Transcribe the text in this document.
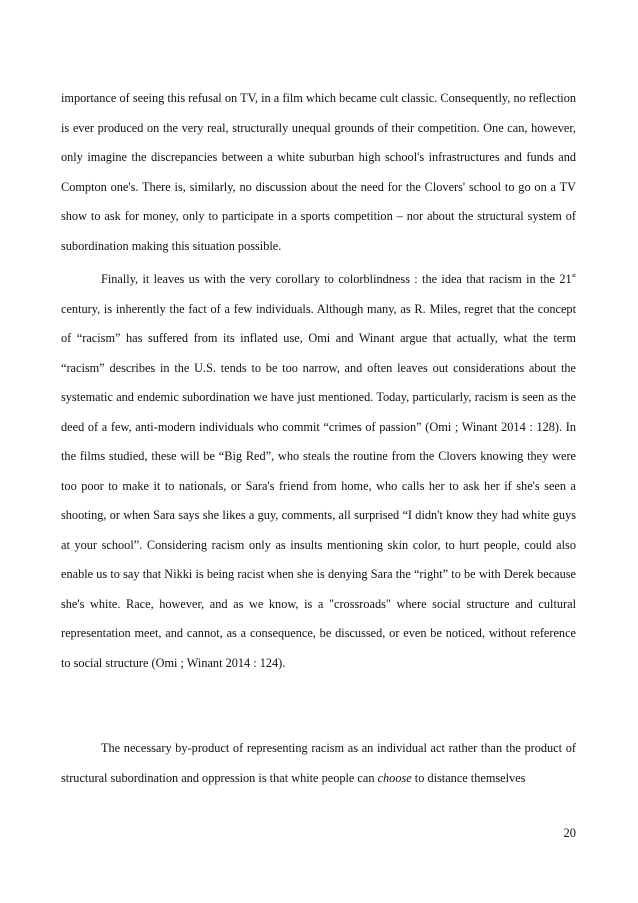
importance of seeing this refusal on TV, in a film which became cult classic. Consequently, no reflection is ever produced on the very real, structurally unequal grounds of their competition. One can, however, only imagine the discrepancies between a white suburban high school's infrastructures and funds and Compton one's. There is, similarly, no discussion about the need for the Clovers' school to go on a TV show to ask for money, only to participate in a sports competition – nor about the structural system of subordination making this situation possible.

Finally, it leaves us with the very corollary to colorblindness : the idea that racism in the 21st century, is inherently the fact of a few individuals. Although many, as R. Miles, regret that the concept of “racism” has suffered from its inflated use, Omi and Winant argue that actually, what the term “racism” describes in the U.S. tends to be too narrow, and often leaves out considerations about the systematic and endemic subordination we have just mentioned. Today, particularly, racism is seen as the deed of a few, anti-modern individuals who commit “crimes of passion” (Omi ; Winant 2014 : 128). In the films studied, these will be “Big Red”, who steals the routine from the Clovers knowing they were too poor to make it to nationals, or Sara's friend from home, who calls her to ask her if she's seen a shooting, or when Sara says she likes a guy, comments, all surprised “I didn't know they had white guys at your school”. Considering racism only as insults mentioning skin color, to hurt people, could also enable us to say that Nikki is being racist when she is denying Sara the “right” to be with Derek because she's white. Race, however, and as we know, is a "crossroads" where social structure and cultural representation meet, and cannot, as a consequence, be discussed, or even be noticed, without reference to social structure (Omi ; Winant 2014 : 124).

The necessary by-product of representing racism as an individual act rather than the product of structural subordination and oppression is that white people can choose to distance themselves

20
